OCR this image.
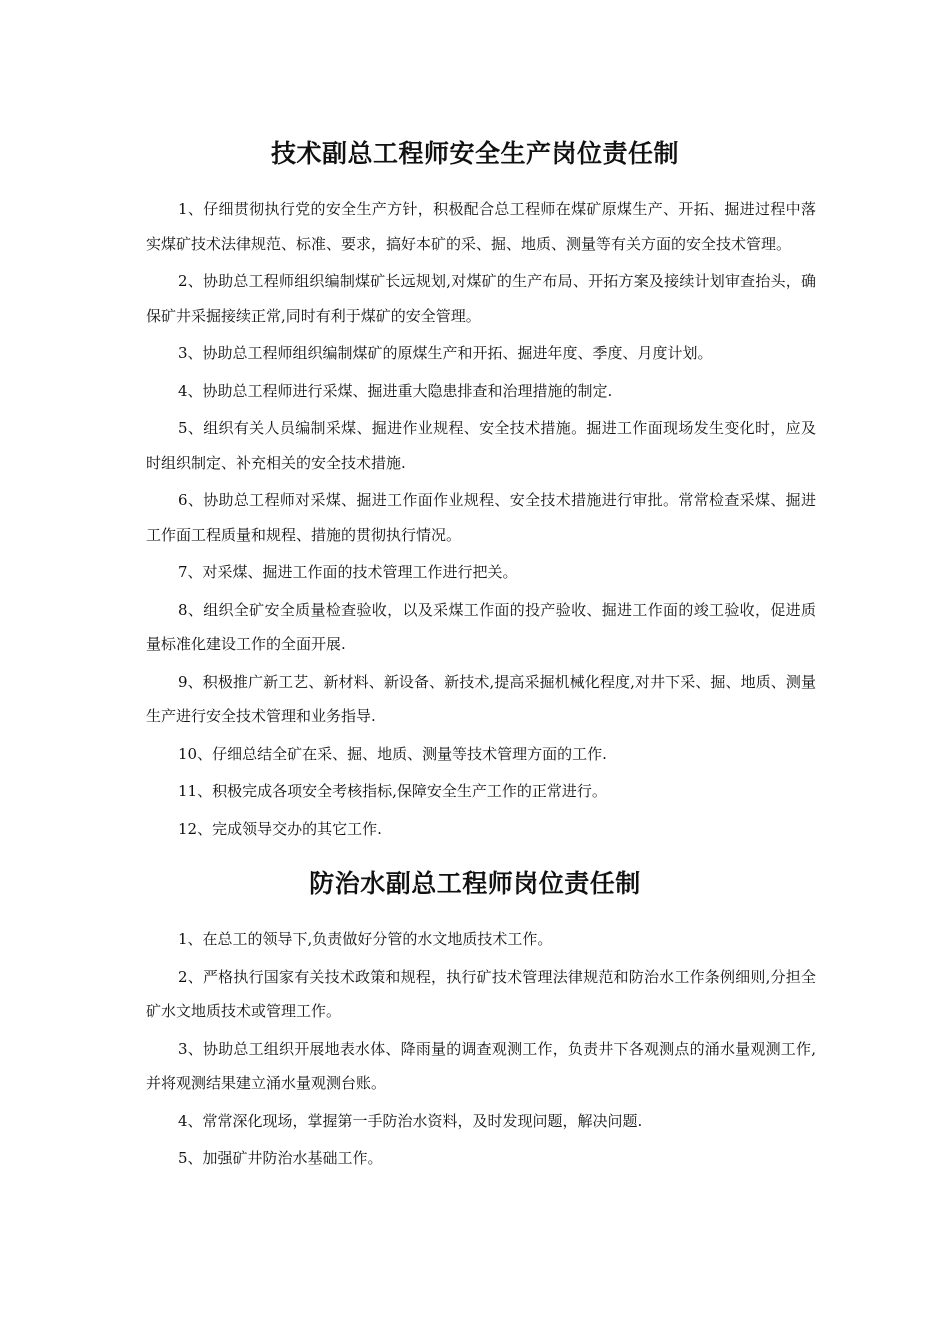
技术副总工程师安全生产岗位责任制

1、仔细贯彻执行党的安全生产方针，积极配合总工程师在煤矿原煤生产、开拓、掘进过程中落实煤矿技术法律规范、标准、要求，搞好本矿的采、掘、地质、测量等有关方面的安全技术管理。

2、协助总工程师组织编制煤矿长远规划,对煤矿的生产布局、开拓方案及接续计划审查抬头，确保矿井采掘接续正常,同时有利于煤矿的安全管理。

3、协助总工程师组织编制煤矿的原煤生产和开拓、掘进年度、季度、月度计划。

4、协助总工程师进行采煤、掘进重大隐患排查和治理措施的制定.

5、组织有关人员编制采煤、掘进作业规程、安全技术措施。掘进工作面现场发生变化时，应及时组织制定、补充相关的安全技术措施.

6、协助总工程师对采煤、掘进工作面作业规程、安全技术措施进行审批。常常检查采煤、掘进工作面工程质量和规程、措施的贯彻执行情况。

7、对采煤、掘进工作面的技术管理工作进行把关。

8、组织全矿安全质量检查验收，以及采煤工作面的投产验收、掘进工作面的竣工验收，促进质量标准化建设工作的全面开展.

9、积极推广新工艺、新材料、新设备、新技术,提高采掘机械化程度,对井下采、掘、地质、测量生产进行安全技术管理和业务指导.

10、仔细总结全矿在采、掘、地质、测量等技术管理方面的工作.

11、积极完成各项安全考核指标,保障安全生产工作的正常进行。

12、完成领导交办的其它工作.

防治水副总工程师岗位责任制

1、在总工的领导下,负责做好分管的水文地质技术工作。

2、严格执行国家有关技术政策和规程，执行矿技术管理法律规范和防治水工作条例细则,分担全矿水文地质技术或管理工作。

3、协助总工组织开展地表水体、降雨量的调查观测工作，负责井下各观测点的涌水量观测工作,并将观测结果建立涌水量观测台账。

4、常常深化现场，掌握第一手防治水资料，及时发现问题，解决问题.

5、加强矿井防治水基础工作。
